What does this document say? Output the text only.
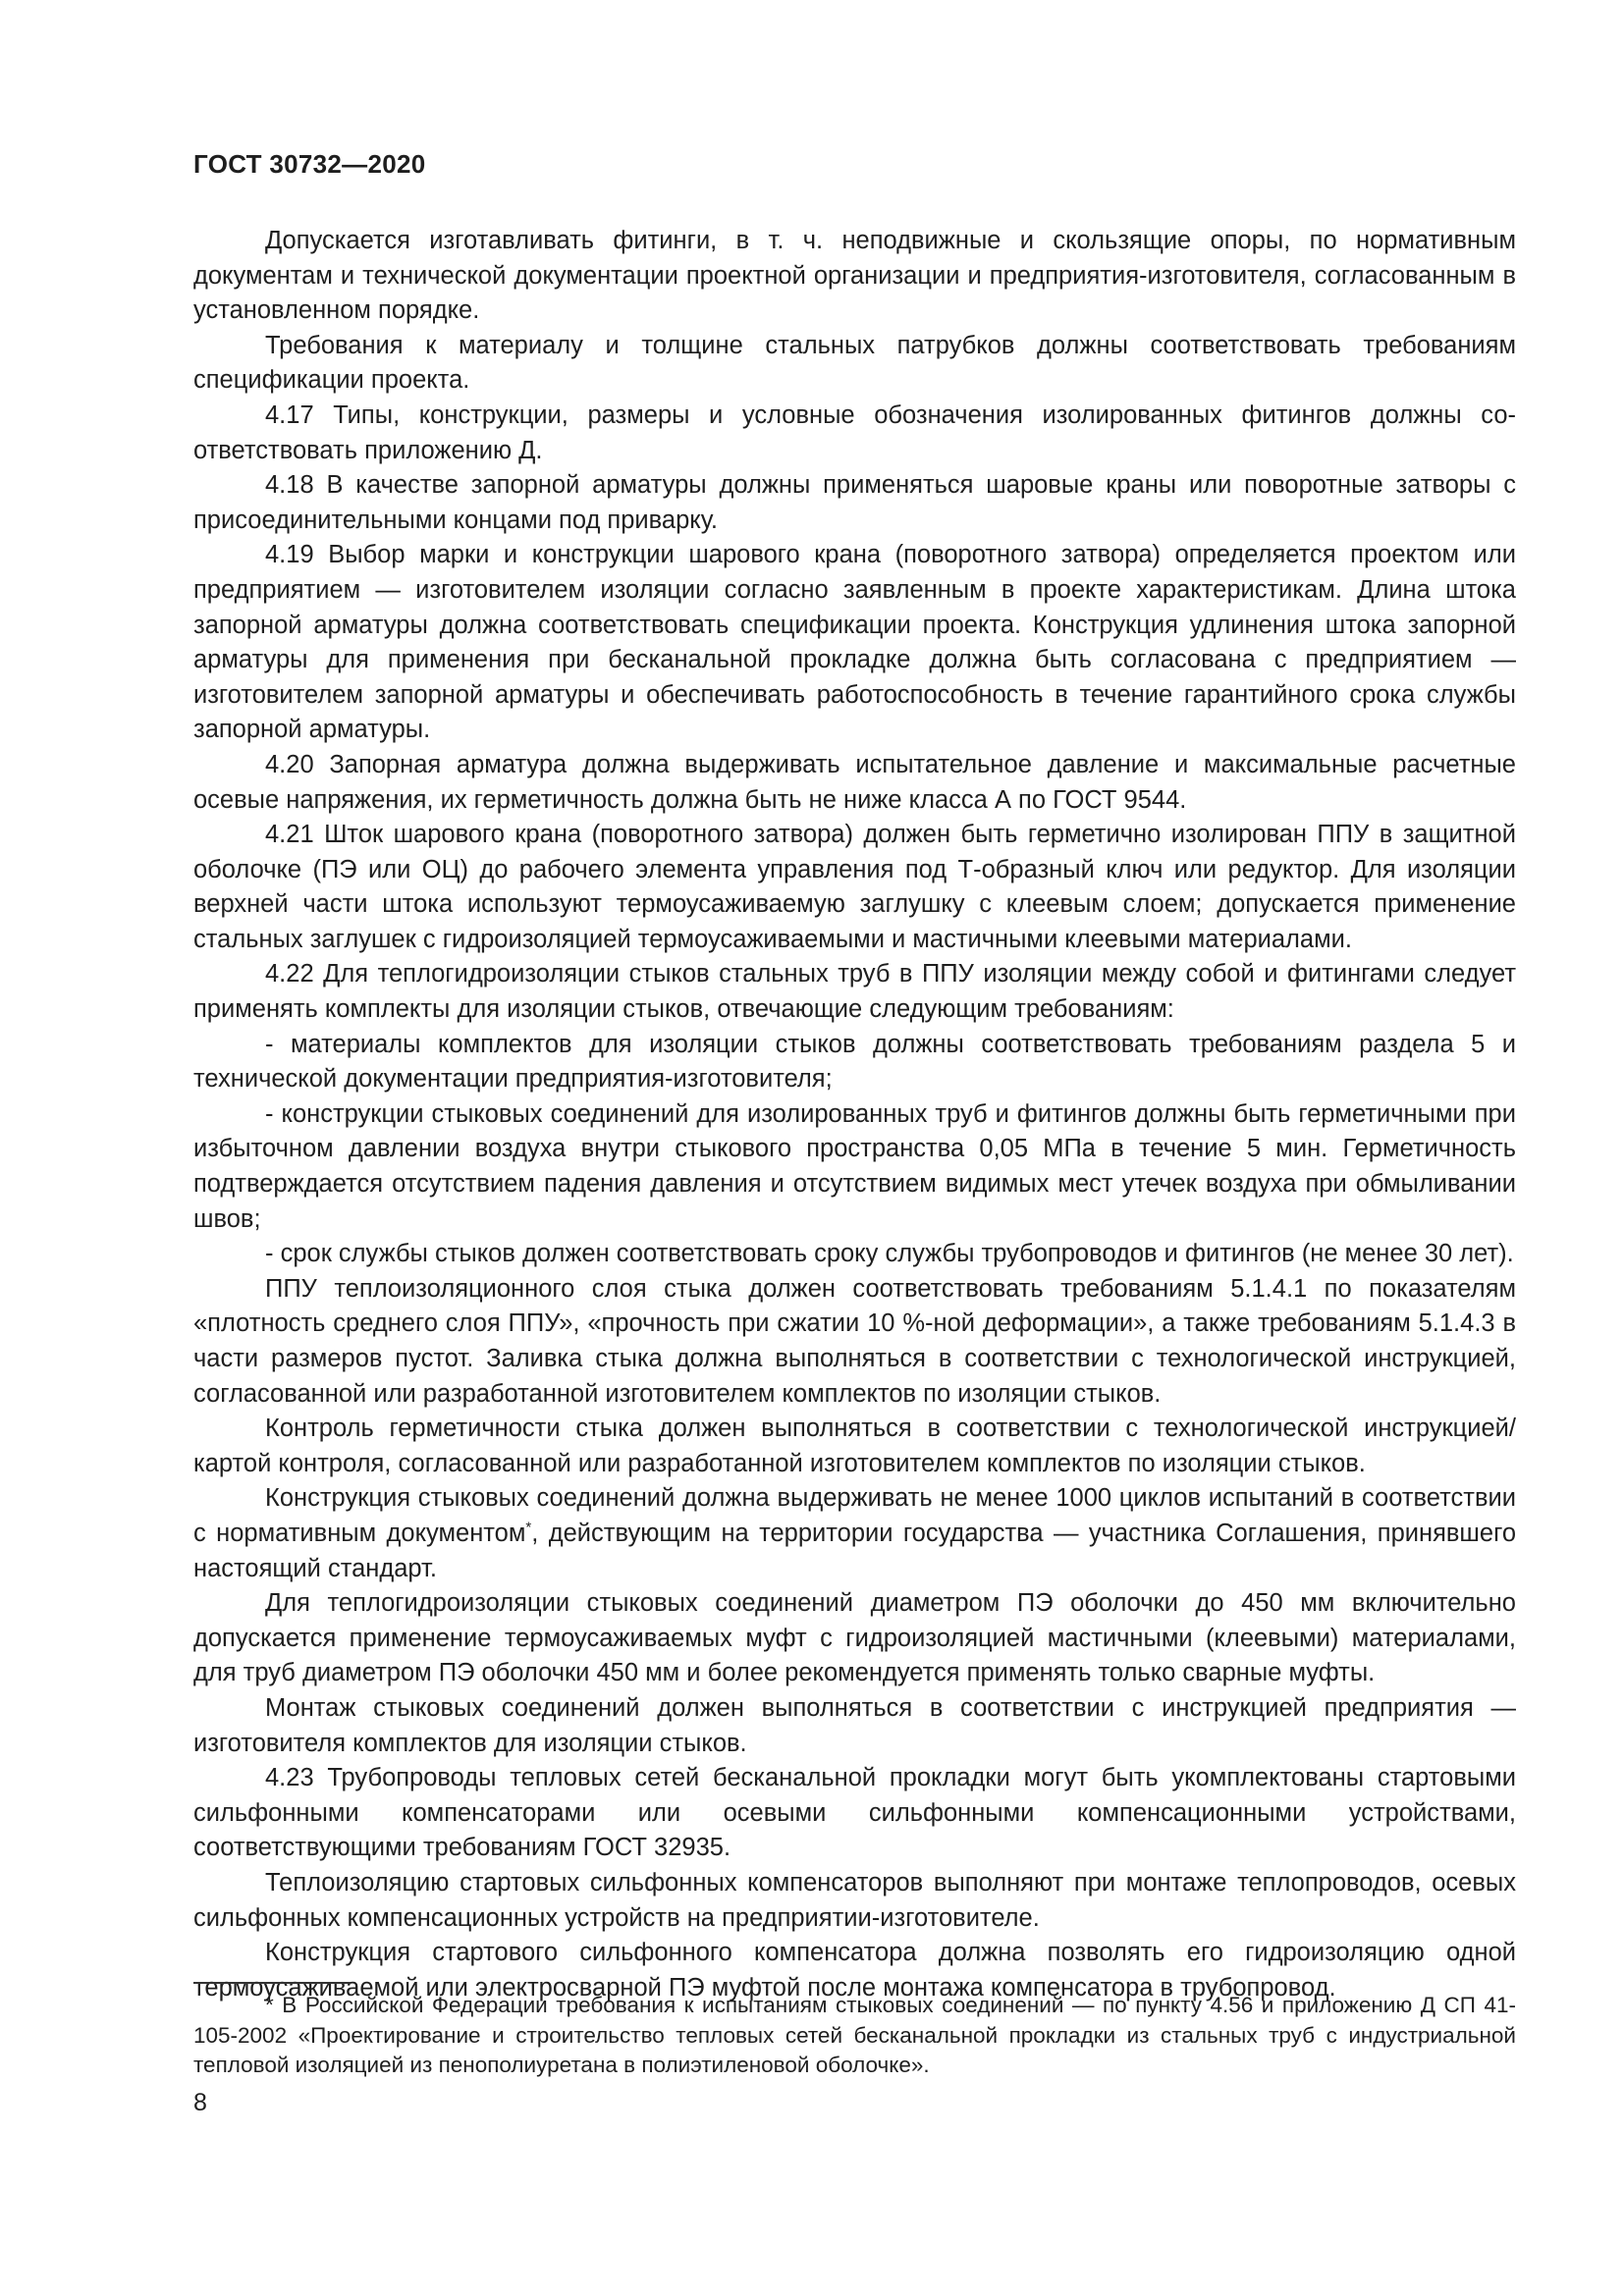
ГОСТ 30732—2020

Допускается изготавливать фитинги, в т. ч. неподвижные и скользящие опоры, по нормативным документам и технической документации проектной организации и предприятия-изготовителя, согласованным в установленном порядке.

Требования к материалу и толщине стальных патрубков должны соответствовать требованиям спецификации проекта.

4.17 Типы, конструкции, размеры и условные обозначения изолированных фитингов должны соответствовать приложению Д.

4.18 В качестве запорной арматуры должны применяться шаровые краны или поворотные затворы с присоединительными концами под приварку.

4.19 Выбор марки и конструкции шарового крана (поворотного затвора) определяется проектом или предприятием — изготовителем изоляции согласно заявленным в проекте характеристикам. Длина штока запорной арматуры должна соответствовать спецификации проекта. Конструкция удлинения штока запорной арматуры для применения при бесканальной прокладке должна быть согласована с предприятием — изготовителем запорной арматуры и обеспечивать работоспособность в течение гарантийного срока службы запорной арматуры.

4.20 Запорная арматура должна выдерживать испытательное давление и максимальные расчетные осевые напряжения, их герметичность должна быть не ниже класса А по ГОСТ 9544.

4.21 Шток шарового крана (поворотного затвора) должен быть герметично изолирован ППУ в защитной оболочке (ПЭ или ОЦ) до рабочего элемента управления под Т-образный ключ или редуктор. Для изоляции верхней части штока используют термоусаживаемую заглушку с клеевым слоем; допускается применение стальных заглушек с гидроизоляцией термоусаживаемыми и мастичными клеевыми материалами.

4.22 Для теплогидроизоляции стыков стальных труб в ППУ изоляции между собой и фитингами следует применять комплекты для изоляции стыков, отвечающие следующим требованиям:

- материалы комплектов для изоляции стыков должны соответствовать требованиям раздела 5 и технической документации предприятия-изготовителя;

- конструкции стыковых соединений для изолированных труб и фитингов должны быть герметичными при избыточном давлении воздуха внутри стыкового пространства 0,05 МПа в течение 5 мин. Герметичность подтверждается отсутствием падения давления и отсутствием видимых мест утечек воздуха при обмыливании швов;

- срок службы стыков должен соответствовать сроку службы трубопроводов и фитингов (не менее 30 лет).

ППУ теплоизоляционного слоя стыка должен соответствовать требованиям 5.1.4.1 по показателям «плотность среднего слоя ППУ», «прочность при сжатии 10 %-ной деформации», а также требованиям 5.1.4.3 в части размеров пустот. Заливка стыка должна выполняться в соответствии с технологической инструкцией, согласованной или разработанной изготовителем комплектов по изоляции стыков.

Контроль герметичности стыка должен выполняться в соответствии с технологической инструкцией/картой контроля, согласованной или разработанной изготовителем комплектов по изоляции стыков.

Конструкция стыковых соединений должна выдерживать не менее 1000 циклов испытаний в соответствии с нормативным документом*, действующим на территории государства — участника Соглашения, принявшего настоящий стандарт.

Для теплогидроизоляции стыковых соединений диаметром ПЭ оболочки до 450 мм включительно допускается применение термоусаживаемых муфт с гидроизоляцией мастичными (клеевыми) материалами, для труб диаметром ПЭ оболочки 450 мм и более рекомендуется применять только сварные муфты.

Монтаж стыковых соединений должен выполняться в соответствии с инструкцией предприятия — изготовителя комплектов для изоляции стыков.

4.23 Трубопроводы тепловых сетей бесканальной прокладки могут быть укомплектованы стартовыми сильфонными компенсаторами или осевыми сильфонными компенсационными устройствами, соответствующими требованиям ГОСТ 32935.

Теплоизоляцию стартовых сильфонных компенсаторов выполняют при монтаже теплопроводов, осевых сильфонных компенсационных устройств на предприятии-изготовителе.

Конструкция стартового сильфонного компенсатора должна позволять его гидроизоляцию одной термоусаживаемой или электросварной ПЭ муфтой после монтажа компенсатора в трубопровод.

* В Российской Федерации требования к испытаниям стыковых соединений — по пункту 4.56 и приложению Д СП 41-105-2002 «Проектирование и строительство тепловых сетей бесканальной прокладки из стальных труб с индустриальной тепловой изоляцией из пенополиуретана в полиэтиленовой оболочке».

8
